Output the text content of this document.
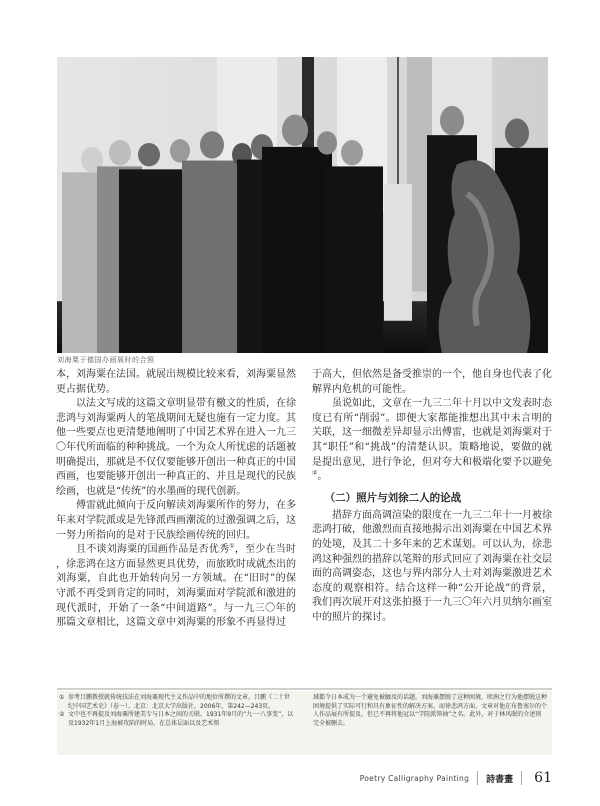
刘海粟于德国办画展时的合照

本，刘海粟在法国。就展出规模比较来看，刘海粟显然更占据优势。

以法文写成的这篇文章明显带有檄文的性质，在徐悲鸿与刘海粟两人的笔战期间无疑也施有一定力度。其他一些要点也更清楚地阐明了中国艺术界在进入一九三〇年代所面临的种种挑战。一个为众人所忧虑的话题被明确提出，那就是不仅仅要能够开创出一种真正的中国西画，也要能够开创出一种真正的、并且是现代的民族绘画，也就是“传统”的水墨画的现代创新。

傅雷就此倾向于反向解读刘海粟所作的努力，在多年来对学院派或是先锋派西画潮流的过激强调之后，这一努力所指向的是对于民族绘画传统的回归。

且不谈刘海粟的国画作品是否优秀①，至少在当时，徐悲鸿在这方面显然更具优势，而旅欧时成就杰出的刘海粟，自此也开始转向另一方领域。在“旧时”的保守派不再受到肯定的同时，刘海粟面对学院派和激进的现代派时，开始了一条“中间道路”。与一九三〇年的那篇文章相比，这篇文章中刘海粟的形象不再显得过

于高大，但依然是备受推崇的一个，他自身也代表了化解界内危机的可能性。

虽说如此，文章在一九三二年十月以中文发表时态度已有所“削弱”。即便大家都能推想出其中未言明的关联，这一细微差异却显示出傅雷，也就是刘海粟对于其“职任”和“挑战”的清楚认识。策略地说，要做的就是提出意见，进行争论，但对夸大和极端化要予以避免②。

（二）照片与刘徐二人的论战

措辞方面高调渲染的限度在一九三二年十一月被徐悲鸿打破，他激烈而直接地揭示出刘海粟在中国艺术界的处境，及其二十多年来的艺术谋划。可以认为，徐悲鸿这种强烈的措辞以笔辩的形式回应了刘海粟在社交层面的高调姿态，这也与界内部分人士对刘海粟激进艺术态度的观察相符。结合这样一种“公开论战”的背景，我们再次展开对这张拍摄于一九三〇年六月贝纳尔画室中的照片的探讨。

① 参考吕鹏教授就传统技法在刘海粟现代主义作品中的地位所撰的文章，吕鹏《二十世纪中国艺术史》（卷一），北京：北京大学出版社，2006年，第242—243页。
② 文中也不再提及刘海粟所建美专与日本之间的关联。1931年9月的“九·一八事变”，以及1932年1月上海被攻陷的时局，在总体层面以及艺术领
域都令日本成为一个避免被触及的话题。刘海粟摆脱了这种困境，欧洲之行为他摆脱这种困境提供了实际可行和具有象征性的解决方案。而徐悲鸿方面，文章对他在布鲁塞尔的个人作品展有所提及，但已不再将他冠以“学院派领袖”之名。此外，对于林风眠的介述则完全被删去。
Poetry Calligraphy Painting 詩書畫 61
